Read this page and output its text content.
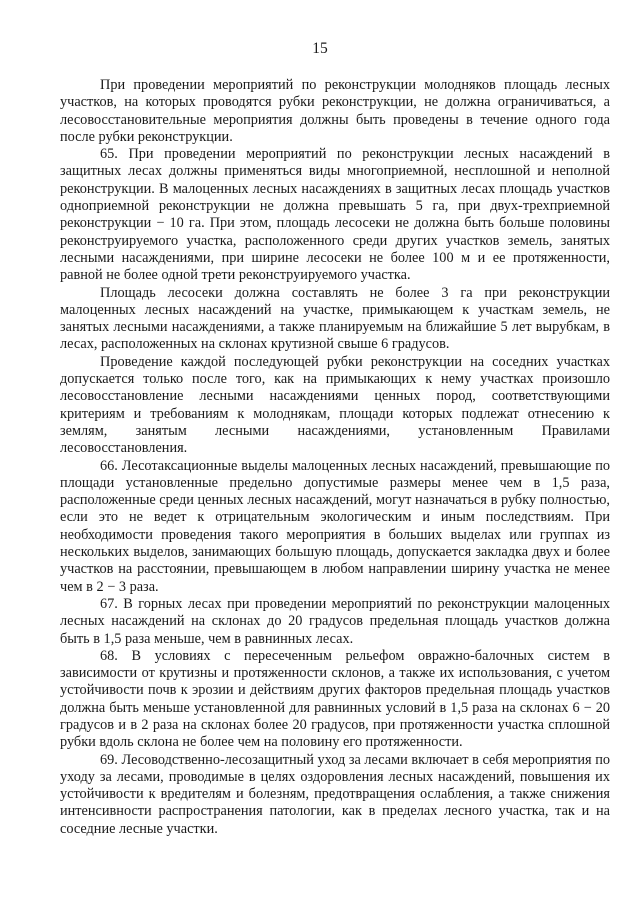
15

При проведении мероприятий по реконструкции молодняков площадь лесных участков, на которых проводятся рубки реконструкции, не должна ограничиваться, а лесовосстановительные мероприятия должны быть проведены в течение одного года после рубки реконструкции.

65. При проведении мероприятий по реконструкции лесных насаждений в защитных лесах должны применяться виды многоприемной, несплошной и неполной реконструкции. В малоценных лесных насаждениях в защитных лесах площадь участков одноприемной реконструкции не должна превышать 5 га, при двух-трехприемной реконструкции − 10 га. При этом, площадь лесосеки не должна быть больше половины реконструируемого участка, расположенного среди других участков земель, занятых лесными насаждениями, при ширине лесосеки не более 100 м и ее протяженности, равной не более одной трети реконструируемого участка.

Площадь лесосеки должна составлять не более 3 га при реконструкции малоценных лесных насаждений на участке, примыкающем к участкам земель, не занятых лесными насаждениями, а также планируемым на ближайшие 5 лет вырубкам, в лесах, расположенных на склонах крутизной свыше 6 градусов.

Проведение каждой последующей рубки реконструкции на соседних участках допускается только после того, как на примыкающих к нему участках произошло лесовосстановление лесными насаждениями ценных пород, соответствующими критериям и требованиям к молоднякам, площади которых подлежат отнесению к землям, занятым лесными насаждениями, установленным Правилами лесовосстановления.

66. Лесотаксационные выделы малоценных лесных насаждений, превышающие по площади установленные предельно допустимые размеры менее чем в 1,5 раза, расположенные среди ценных лесных насаждений, могут назначаться в рубку полностью, если это не ведет к отрицательным экологическим и иным последствиям. При необходимости проведения такого мероприятия в больших выделах или группах из нескольких выделов, занимающих большую площадь, допускается закладка двух и более участков на расстоянии, превышающем в любом направлении ширину участка не менее чем в 2 − 3 раза.

67. В горных лесах при проведении мероприятий по реконструкции малоценных лесных насаждений на склонах до 20 градусов предельная площадь участков должна быть в 1,5 раза меньше, чем в равнинных лесах.

68. В условиях с пересеченным рельефом овражно-балочных систем в зависимости от крутизны и протяженности склонов, а также их использования, с учетом устойчивости почв к эрозии и действиям других факторов предельная площадь участков должна быть меньше установленной для равнинных условий в 1,5 раза на склонах 6 − 20 градусов и в 2 раза на склонах более 20 градусов, при протяженности участка сплошной рубки вдоль склона не более чем на половину его протяженности.

69. Лесоводственно-лесозащитный уход за лесами включает в себя мероприятия по уходу за лесами, проводимые в целях оздоровления лесных насаждений, повышения их устойчивости к вредителям и болезням, предотвращения ослабления, а также снижения интенсивности распространения патологии, как в пределах лесного участка, так и на соседние лесные участки.
